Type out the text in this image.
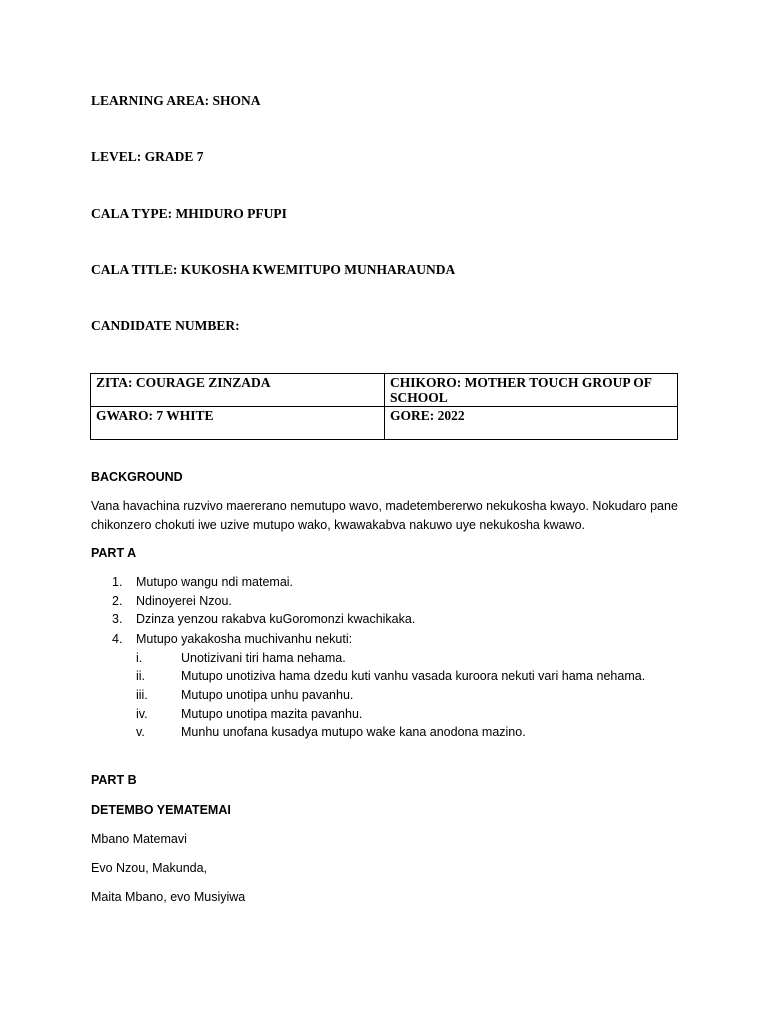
LEARNING AREA: SHONA
LEVEL: GRADE 7
CALA TYPE: MHIDURO PFUPI
CALA TITLE: KUKOSHA KWEMITUPO MUNHARAUNDA
CANDIDATE NUMBER:
ZITA: COURAGE ZINZADA	CHIKORO: MOTHER TOUCH GROUP OF SCHOOL
GWARO: 7 WHITE	GORE: 2022
BACKGROUND
Vana havachina ruzvivo maererano nemutupo wavo, madetembererwo nekukosha kwayo. Nokudaro pane chikonzero chokuti iwe uzive mutupo wako, kwawakabva nakuwo uye nekukosha kwawo.
PART A
1.	Mutupo wangu ndi matemai.
2.	Ndinoyerei Nzou.
3.	Dzinza yenzou rakabva kuGoromonzi kwachikaka.
4.	Mutupo yakakosha muchivanhu nekuti:
i.	Unotizivani tiri hama nehama.
ii.	Mutupo unotiziva hama dzedu kuti vanhu vasada kuroora nekuti vari hama nehama.
iii.	Mutupo unotipa unhu pavanhu.
iv.	Mutupo unotipa mazita pavanhu.
v.	Munhu unofana kusadya mutupo wake kana anodona mazino.
PART B
DETEMBO YEMATEMAI
Mbano Matemavi
Evo Nzou, Makunda,
Maita Mbano, evo Musiyiwa
